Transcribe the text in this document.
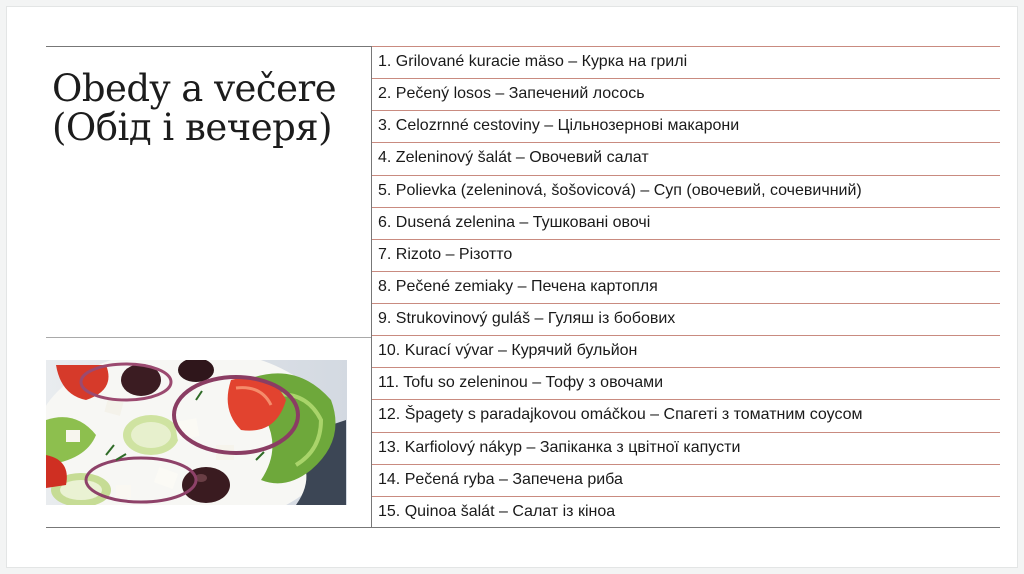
Obedy a večere
(Обід і вечеря)
1. Grilované kuracie mäso – Курка на грилі
2. Pečený losos – Запечений лосось
3. Celozrnné cestoviny – Цільнозернові макарони
4. Zeleninový šalát – Овочевий салат
5. Polievka (zeleninová, šošovicová) – Суп (овочевий, сочевичний)
6. Dusená zelenina – Тушковані овочі
7. Rizoto – Різотто
8. Pečené zemiaky – Печена картопля
9. Strukovinový guláš – Гуляш із бобових
10. Kurací vývar – Курячий бульйон
11. Tofu so zeleninou – Тофу з овочами
12. Špagety s paradajkovou omáčkou – Спагеті з томатним соусом
13. Karfiolový nákyp – Запіканка з цвітної капусти
14. Pečená ryba – Запечена риба
15. Quinoa šalát – Салат із кіноа
